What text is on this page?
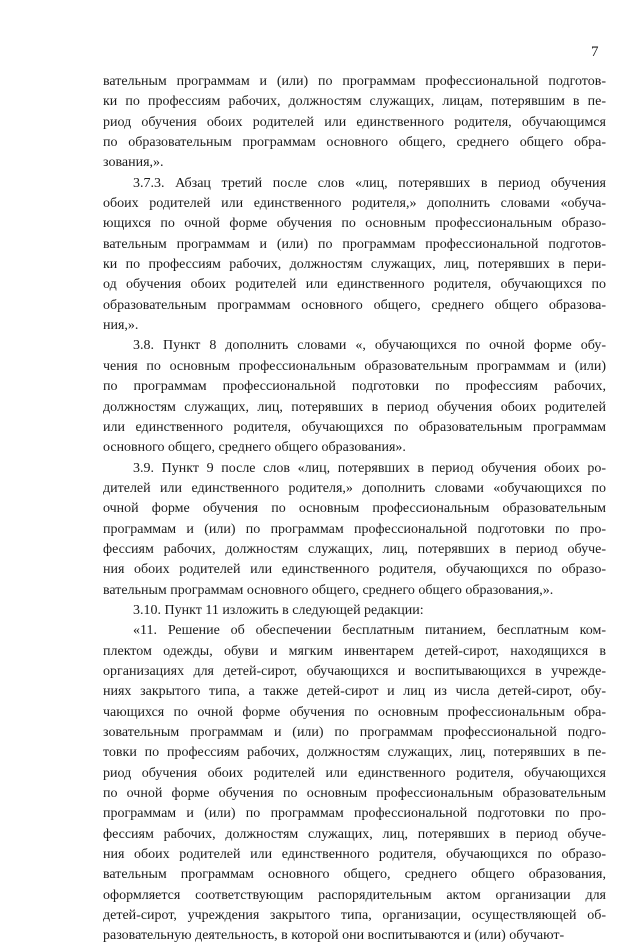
7

вательным программам и (или) по программам профессиональной подготов-
ки по профессиям рабочих, должностям служащих, лицам, потерявшим в пе-
риод обучения обоих родителей или единственного родителя, обучающимся
по образовательным программам основного общего, среднего общего обра-
зования,».

3.7.3. Абзац третий после слов «лиц, потерявших в период обучения
обоих родителей или единственного родителя,» дополнить словами «обуча-
ющихся по очной форме обучения по основным профессиональным образо-
вательным программам и (или) по программам профессиональной подготов-
ки по профессиям рабочих, должностям служащих, лиц, потерявших в пери-
од обучения обоих родителей или единственного родителя, обучающихся по
образовательным программам основного общего, среднего общего образова-
ния,».

3.8. Пункт 8 дополнить словами «, обучающихся по очной форме обу-
чения по основным профессиональным образовательным программам и (или)
по программам профессиональной подготовки по профессиям рабочих,
должностям служащих, лиц, потерявших в период обучения обоих родителей
или единственного родителя, обучающихся по образовательным программам
основного общего, среднего общего образования».

3.9. Пункт 9 после слов «лиц, потерявших в период обучения обоих ро-
дителей или единственного родителя,» дополнить словами «обучающихся по
очной форме обучения по основным профессиональным образовательным
программам и (или) по программам профессиональной подготовки по про-
фессиям рабочих, должностям служащих, лиц, потерявших в период обуче-
ния обоих родителей или единственного родителя, обучающихся по образо-
вательным программам основного общего, среднего общего образования,».

3.10. Пункт 11 изложить в следующей редакции:

«11. Решение об обеспечении бесплатным питанием, бесплатным ком-
плектом одежды, обуви и мягким инвентарем детей-сирот, находящихся в
организациях для детей-сирот, обучающихся и воспитывающихся в учрежде-
ниях закрытого типа, а также детей-сирот и лиц из числа детей-сирот, обу-
чающихся по очной форме обучения по основным профессиональным обра-
зовательным программам и (или) по программам профессиональной подго-
товки по профессиям рабочих, должностям служащих, лиц, потерявших в пе-
риод обучения обоих родителей или единственного родителя, обучающихся
по очной форме обучения по основным профессиональным образовательным
программам и (или) по программам профессиональной подготовки по про-
фессиям рабочих, должностям служащих, лиц, потерявших в период обуче-
ния обоих родителей или единственного родителя, обучающихся по образо-
вательным программам основного общего, среднего общего образования,
оформляется соответствующим распорядительным актом организации для
детей-сирот, учреждения закрытого типа, организации, осуществляющей об-
разовательную деятельность, в которой они воспитываются и (или) обучают-
